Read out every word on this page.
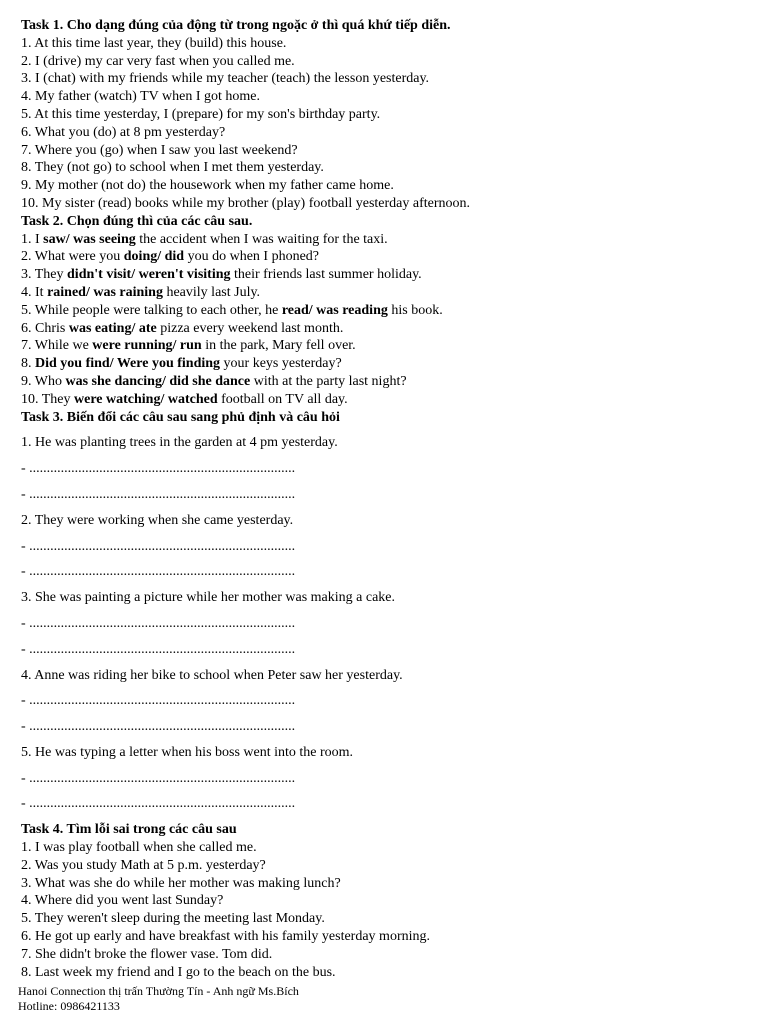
Task 1. Cho dạng đúng của động từ trong ngoặc ở thì quá khứ tiếp diễn.
1. At this time last year, they (build) this house.
2. I (drive) my car very fast when you called me.
3. I (chat) with my friends while my teacher (teach) the lesson yesterday.
4. My father (watch) TV when I got home.
5. At this time yesterday, I (prepare) for my son's birthday party.
6. What you (do) at 8 pm yesterday?
7. Where you (go) when I saw you last weekend?
8. They (not go) to school when I met them yesterday.
9. My mother (not do) the housework when my father came home.
10. My sister (read) books while my brother (play) football yesterday afternoon.
Task 2. Chọn đúng thì của các câu sau.
1. I saw/ was seeing the accident when I was waiting for the taxi.
2. What were you doing/ did you do when I phoned?
3. They didn't visit/ weren't visiting their friends last summer holiday.
4. It rained/ was raining heavily last July.
5. While people were talking to each other, he read/ was reading his book.
6. Chris was eating/ ate pizza every weekend last month.
7. While we were running/ run in the park, Mary fell over.
8. Did you find/ Were you finding your keys yesterday?
9. Who was she dancing/ did she dance with at the party last night?
10. They were watching/ watched football on TV all day.
Task 3. Biến đổi các câu sau sang phủ định và câu hỏi
1. He was planting trees in the garden at 4 pm yesterday.
- ............................................................................
- ............................................................................
2. They were working when she came yesterday.
- ............................................................................
- ............................................................................
3. She was painting a picture while her mother was making a cake.
- ............................................................................
- ............................................................................
4. Anne was riding her bike to school when Peter saw her yesterday.
- ............................................................................
- ............................................................................
5. He was typing a letter when his boss went into the room.
- ............................................................................
- ............................................................................
Task 4. Tìm lỗi sai trong các câu sau
1. I was play football when she called me.
2. Was you study Math at 5 p.m. yesterday?
3. What was she do while her mother was making lunch?
4. Where did you went last Sunday?
5. They weren't sleep during the meeting last Monday.
6. He got up early and have breakfast with his family yesterday morning.
7. She didn't broke the flower vase. Tom did.
8. Last week my friend and I go to the beach on the bus.
Hanoi Connection thị trấn Thường Tín - Anh ngữ Ms.Bích
Hotline: 0986421133
